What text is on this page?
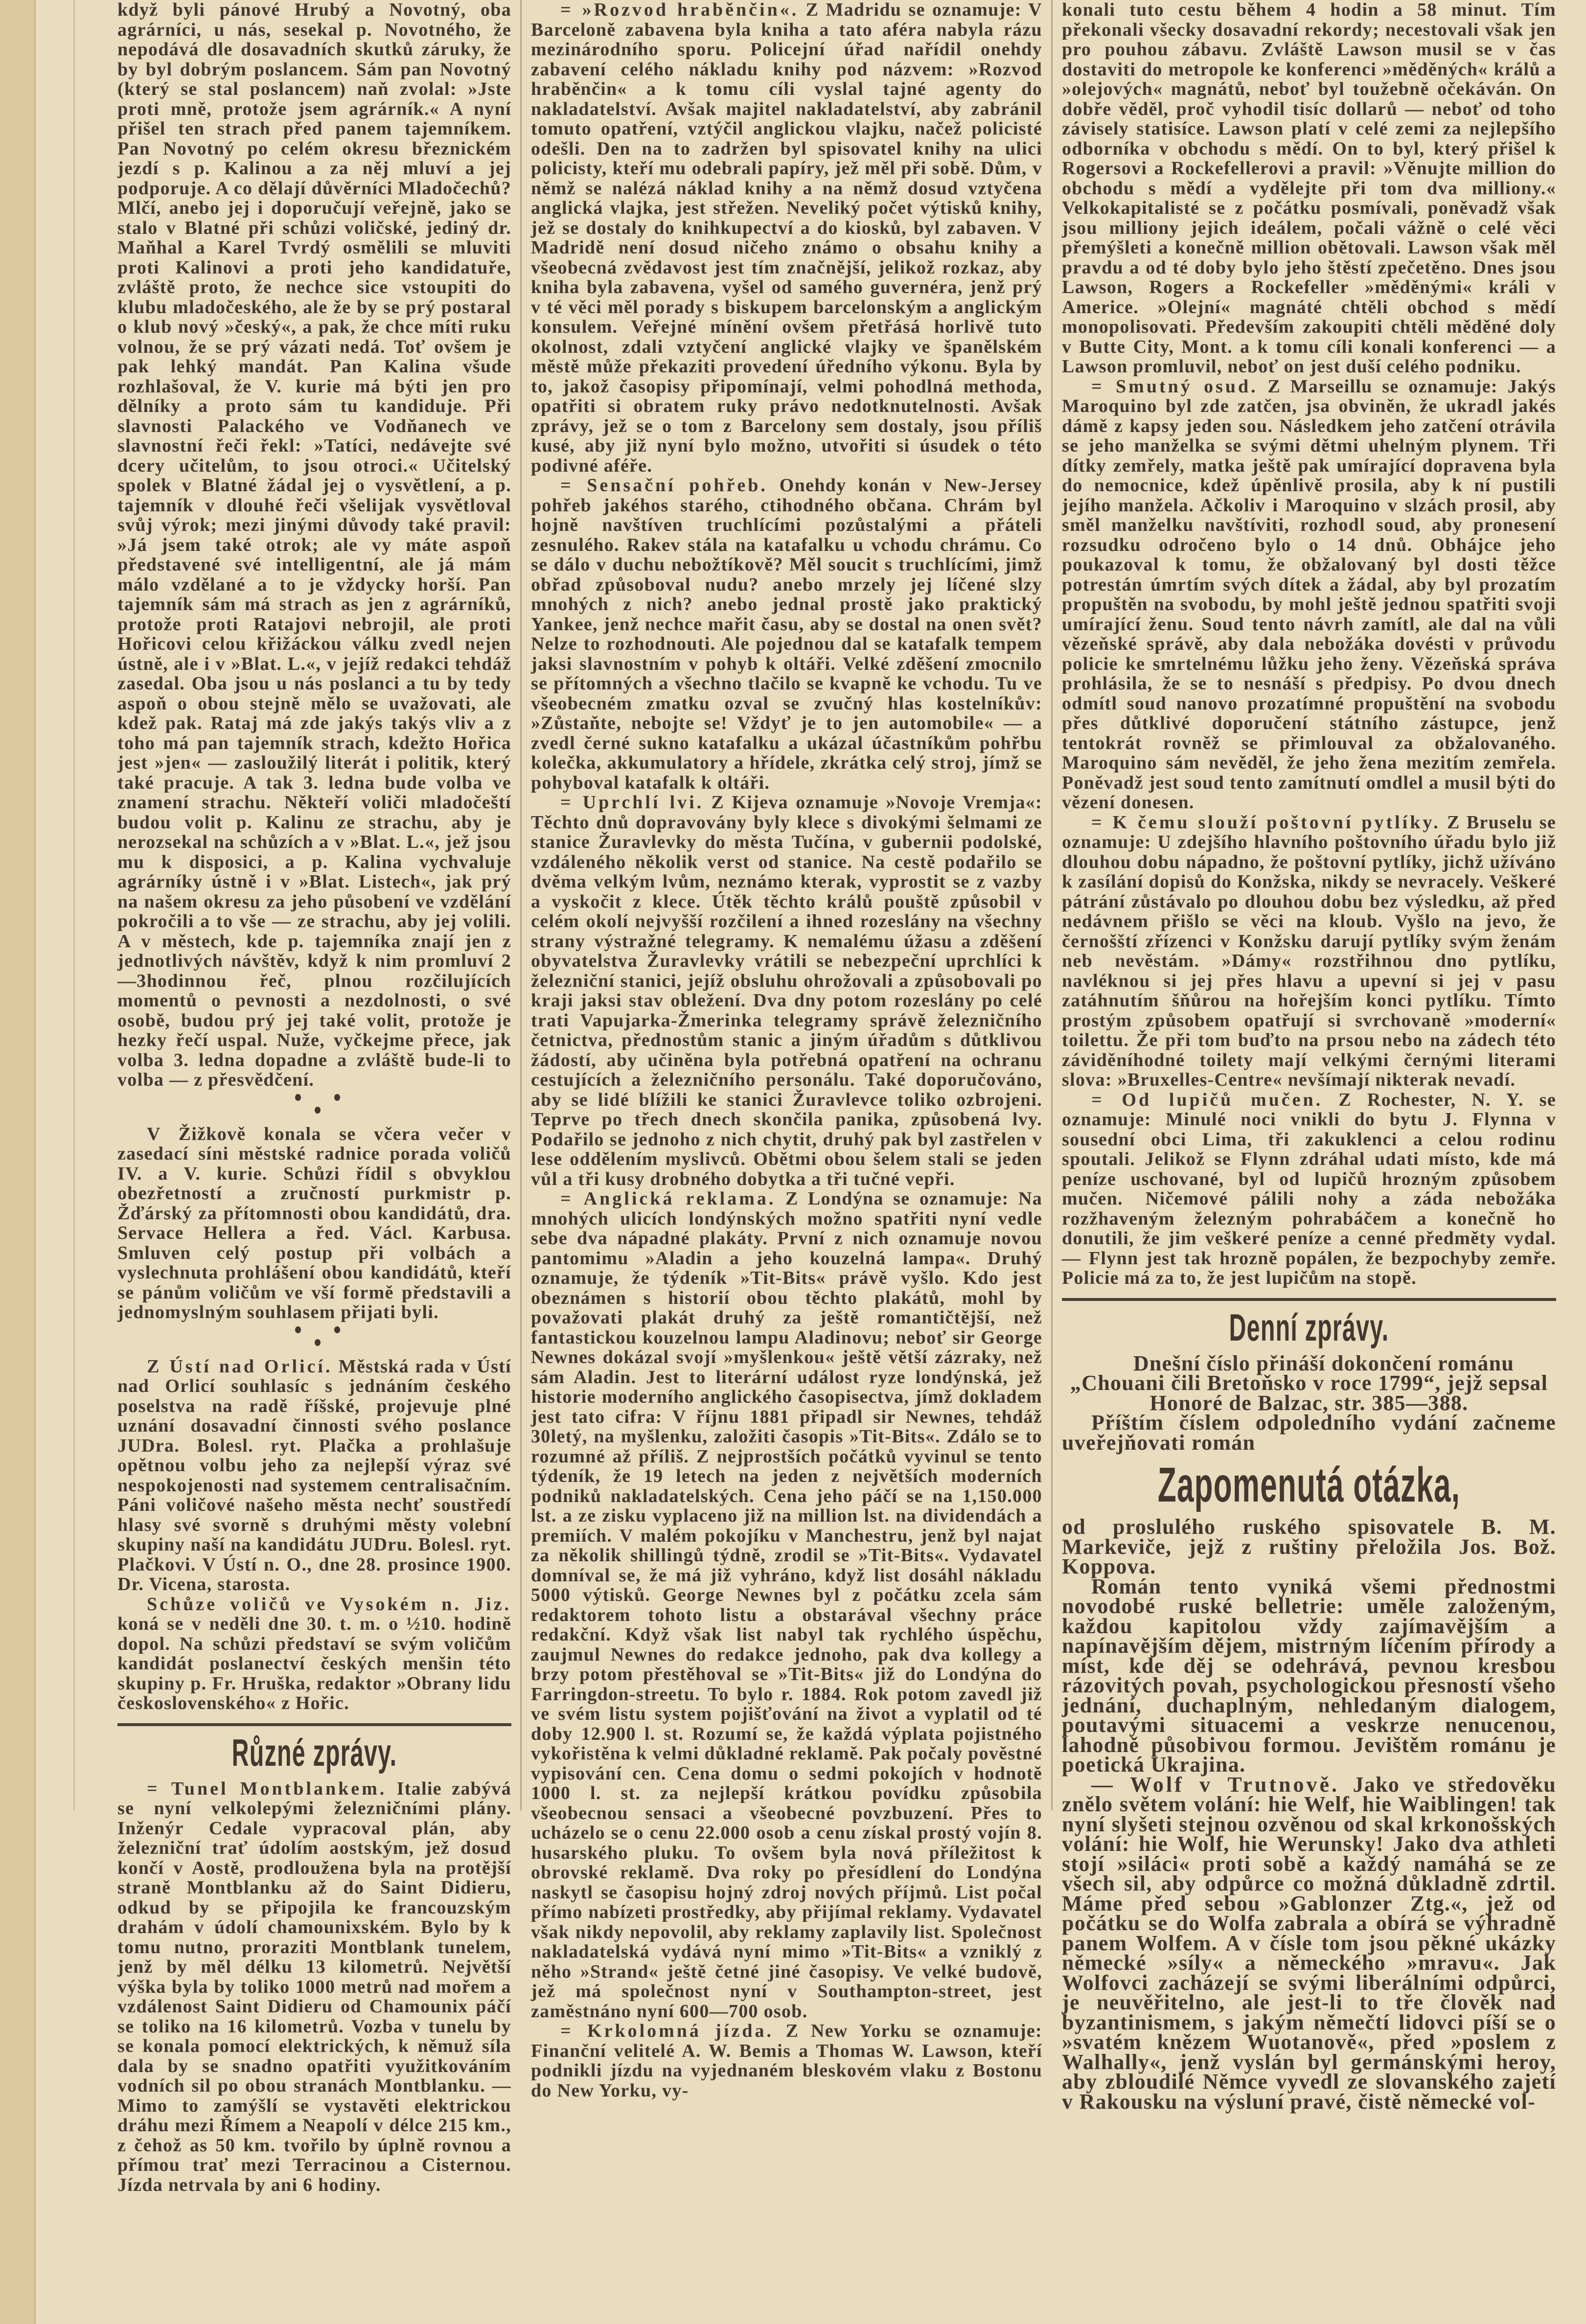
když byli pánové Hrubý a Novotný, oba agrárníci, u nás, sesekal p. Novotného, že nepodává dle dosavadních skutků záruky, že by byl dobrým poslancem. Sám pan Novotný (který se stal poslancem) naň zvolal: »Jste proti mně, protože jsem agrárník.« A nyní přišel ten strach před panem tajemníkem. Pan Novotný po celém okresu březnickém jezdí s p. Kalinou a za něj mluví a jej podporuje. A co dělají důvěrníci Mladočechů? Mlčí, anebo jej i doporučují veřejně, jako se stalo v Blatné při schůzi voličské, jediný dr. Maňhal a Karel Tvrdý osmělili se mluviti proti Kalinovi a proti jeho kandidatuře, zvláště proto, že nechce sice vstoupiti do klubu mladočeského, ale že by se prý postaral o klub nový »český«, a pak, že chce míti ruku volnou, že se prý vázati nedá. Toť ovšem je pak lehký mandát. Pan Kalina všude rozhlašoval, že V. kurie má býti jen pro dělníky a proto sám tu kandiduje. Při slavnosti Palackého ve Vodňanech ve slavnostní řeči řekl: »Tatíci, nedávejte své dcery učitelům, to jsou otroci.« Učitelský spolek v Blatné žádal jej o vysvětlení, a p. tajemník v dlouhé řeči všelijak vysvětloval svůj výrok; mezi jinými důvody také pravil: »Já jsem také otrok; ale vy máte aspoň představené své intelligentní, ale já mám málo vzdělané a to je vždycky horší. Pan tajemník sám má strach as jen z agrárníků, protože proti Ratajovi nebrojil, ale proti Hořicovi celou křižáckou válku zvedl nejen ústně, ale i v »Blat. L.«, v jejíž redakci tehdáž zasedal. Oba jsou u nás poslanci a tu by tedy aspoň o obou stejně mělo se uvažovati, ale kdež pak. Rataj má zde jakýs takýs vliv a z toho má pan tajemník strach, kdežto Hořica jest »jen« — zasloužilý literát i politik, který také pracuje. A tak 3. ledna bude volba ve znamení strachu. Někteří voliči mladočeští budou volit p. Kalinu ze strachu, aby je nerozsekal na schůzích a v »Blat. L.«, jež jsou mu k disposici, a p. Kalina vychvaluje agrárníky ústně i v »Blat. Listech«, jak prý na našem okresu za jeho působení ve vzdělání pokročili a to vše — ze strachu, aby jej volili. A v městech, kde p. tajemníka znají jen z jednotlivých návštěv, když k nim promluví 2—3hodinnou řeč, plnou rozčilujících momentů o pevnosti a nezdolnosti, o své osobě, budou prý jej také volit, protože je hezky řečí uspal. Nuže, vyčkejme přece, jak volba 3. ledna dopadne a zvláště bude-li to volba — z přesvědčení.

V Žižkově konala se včera večer v zasedací síni městské radnice porada voličů IV. a V. kurie. Schůzi řídil s obvyklou obezřetností a zručností purkmistr p. Žďárský za přítomnosti obou kandidátů, dra. Servace Hellera a řed. Václ. Karbusa. Smluven celý postup při volbách a vyslechnuta prohlášení obou kandidátů, kteří se pánům voličům ve vší formě představili a jednomyslným souhlasem přijati byli.

Z Ústí nad Orlicí. Městská rada v Ústí nad Orlicí souhlasíc s jednáním českého poselstva na radě říšské, projevuje plné uznání dosavadní činnosti svého poslance JUDra. Bolesl. ryt. Plačka a prohlašuje opětnou volbu jeho za nejlepší výraz své nespokojenosti nad systemem centralisačním. Páni voličové našeho města nechť soustředí hlasy své svorně s druhými městy volební skupiny naší na kandidátu JUDru. Bolesl. ryt. Plačkovi. V Ústí n. O., dne 28. prosince 1900. Dr. Vicena, starosta.

Schůze voličů ve Vysokém n. Jiz. koná se v neděli dne 30. t. m. o ½10. hodině dopol. Na schůzi představí se svým voličům kandidát poslanectví českých menšin této skupiny p. Fr. Hruška, redaktor »Obrany lidu československého« z Hořic.

Různé zprávy.

= Tunel Montblankem. Italie zabývá se nyní velkolepými železničními plány. Inženýr Cedale vypracoval plán, aby železniční trať údolím aostským, jež dosud končí v Aostě, prodloužena byla na protější straně Montblanku až do Saint Didieru, odkud by se připojila ke francouzským drahám v údolí chamounixském. Bylo by k tomu nutno, proraziti Montblank tunelem, jenž by měl délku 13 kilometrů. Největší výška byla by toliko 1000 metrů nad mořem a vzdálenost Saint Didieru od Chamounix páčí se toliko na 16 kilometrů. Vozba v tunelu by se konala pomocí elektrických, k němuž síla dala by se snadno opatřiti využitkováním vodních sil po obou stranách Montblanku. — Mimo to zamýšlí se vystavěti elektrickou dráhu mezi Římem a Neapolí v délce 215 km., z čehož as 50 km. tvořilo by úplně rovnou a přímou trať mezi Terracinou a Cisternou. Jízda netrvala by ani 6 hodiny.

= »Rozvod hraběnčin«. Z Madridu se oznamuje: V Barceloně zabavena byla kniha a tato aféra nabyla rázu mezinárodního sporu. Policejní úřad nařídil onehdy zabavení celého nákladu knihy pod názvem: »Rozvod hraběnčin« a k tomu cíli vyslal tajné agenty do nakladatelství. Avšak majitel nakladatelství, aby zabránil tomuto opatření, vztýčil anglickou vlajku, načež policisté odešli. Den na to zadržen byl spisovatel knihy na ulici policisty, kteří mu odebrali papíry, jež měl při sobě. Dům, v němž se nalézá náklad knihy a na němž dosud vztyčena anglická vlajka, jest střežen. Neveliký počet výtisků knihy, jež se dostaly do knihkupectví a do kiosků, byl zabaven. V Madridě není dosud ničeho známo o obsahu knihy a všeobecná zvědavost jest tím značnější, jelikož rozkaz, aby kniha byla zabavena, vyšel od samého guvernéra, jenž prý v té věci měl porady s biskupem barcelonským a anglickým konsulem. Veřejné mínění ovšem přetřásá horlivě tuto okolnost, zdali vztyčení anglické vlajky ve španělském městě může překaziti provedení úředního výkonu. Byla by to, jakož časopisy připomínají, velmi pohodlná methoda, opatřiti si obratem ruky právo nedotknutelnosti. Avšak zprávy, jež se o tom z Barcelony sem dostaly, jsou příliš kusé, aby již nyní bylo možno, utvořiti si úsudek o této podivné aféře.

= Sensační pohřeb. Onehdy konán v New-Jersey pohřeb jakéhos starého, ctihodného občana. Chrám byl hojně navštíven truchlícími pozůstalými a přáteli zesnulého. Rakev stála na katafalku u vchodu chrámu. Co se dálo v duchu nebožtíkově? Měl soucit s truchlícími, jimž obřad způsoboval nudu? anebo mrzely jej líčené slzy mnohých z nich? anebo jednal prostě jako praktický Yankee, jenž nechce mařit času, aby se dostal na onen svět? Nelze to rozhodnouti. Ale pojednou dal se katafalk tempem jaksi slavnostním v pohyb k oltáři. Velké zděšení zmocnilo se přítomných a všechno tlačilo se kvapně ke vchodu. Tu ve všeobecném zmatku ozval se zvučný hlas kostelníkův: »Zůstaňte, nebojte se! Vždyť je to jen automobile« — a zvedl černé sukno katafalku a ukázal účastníkům pohřbu kolečka, akkumulatory a hřídele, zkrátka celý stroj, jímž se pohyboval katafalk k oltáři.

= Uprchlí lvi. Z Kijeva oznamuje »Novoje Vremja«: Těchto dnů dopravovány byly klece s divokými šelmami ze stanice Žuravlevky do města Tučína, v gubernii podolské, vzdáleného několik verst od stanice. Na cestě podařilo se dvěma velkým lvům, neznámo kterak, vyprostit se z vazby a vyskočit z klece. Útěk těchto králů pouště způsobil v celém okolí nejvyšší rozčilení a ihned rozeslány na všechny strany výstražné telegramy. K nemalému úžasu a zděšení obyvatelstva Žuravlevky vrátili se nebezpeční uprchlíci k železniční stanici, jejíž obsluhu ohrožovali a způsobovali po kraji jaksi stav obležení. Dva dny potom rozeslány po celé trati Vapujarka-Žmerinka telegramy správě železničního četnictva, přednostům stanic a jiným úřadům s důtklivou žádostí, aby učiněna byla potřebná opatření na ochranu cestujících a železničního personálu. Také doporučováno, aby se lidé blížili ke stanici Žuravlevce toliko ozbrojeni. Teprve po třech dnech skončila panika, způsobená lvy. Podařilo se jednoho z nich chytit, druhý pak byl zastřelen v lese oddělením myslivců. Obětmi obou šelem stali se jeden vůl a tři kusy drobného dobytka a tři tučné vepři.

= Anglická reklama. Z Londýna se oznamuje: Na mnohých ulicích londýnských možno spatřiti nyní vedle sebe dva nápadné plakáty. První z nich oznamuje novou pantomimu »Aladin a jeho kouzelná lampa«. Druhý oznamuje, že týdeník »Tit-Bits« právě vyšlo. Kdo jest obeznámen s historií obou těchto plakátů, mohl by považovati plakát druhý za ještě romantičtější, než fantastickou kouzelnou lampu Aladinovu; neboť sir George Newnes dokázal svojí »myšlenkou« ještě větší zázraky, než sám Aladin. Jest to literární událost ryze londýnská, jež historie moderního anglického časopisectva, jímž dokladem jest tato cifra: V říjnu 1881 připadl sir Newnes, tehdáž 30letý, na myšlenku, založiti časopis »Tit-Bits«. Zdálo se to rozumné až příliš. Z nejprostších počátků vyvinul se tento týdeník, že 19 letech na jeden z největších moderních podniků nakladatelských. Cena jeho páčí se na 1,150.000 lst. a ze zisku vyplaceno již na million lst. na dividendách a premiích. V malém pokojíku v Manchestru, jenž byl najat za několik shillingů týdně, zrodil se »Tit-Bits«. Vydavatel domníval se, že má již vyhráno, když list dosáhl nákladu 5000 výtisků. George Newnes byl z počátku zcela sám redaktorem tohoto listu a obstarával všechny práce redakční. Když však list nabyl tak rychlého úspěchu, zaujmul Newnes do redakce jednoho, pak dva kollegy a brzy potom přestěhoval se »Tit-Bits« již do Londýna do Farringdon-streetu. To bylo r. 1884. Rok potom zavedl již ve svém listu system pojišťování na život a vyplatil od té doby 12.900 l. st. Rozumí se, že každá výplata pojistného vykořistěna k velmi důkladné reklamě. Pak počaly pověstné vypisování cen. Cena domu o sedmi pokojích v hodnotě 1000 l. st. za nejlepší krátkou povídku způsobila všeobecnou sensaci a všeobecné povzbuzení. Přes to ucházelo se o cenu 22.000 osob a cenu získal prostý vojín 8. husarského pluku. To ovšem byla nová příležitost k obrovské reklamě. Dva roky po přesídlení do Londýna naskytl se časopisu hojný zdroj nových příjmů. List počal přímo nabízeti prostředky, aby přijímal reklamy. Vydavatel však nikdy nepovolil, aby reklamy zaplavily list. Společnost nakladatelská vydává nyní mimo »Tit-Bits« a vzniklý z něho »Strand« ještě četné jiné časopisy. Ve velké budově, jež má společnost nyní v Southampton-street, jest zaměstnáno nyní 600—700 osob.

= Krkolomná jízda. Z New Yorku se oznamuje: Finanční velitelé A. W. Bemis a Thomas W. Lawson, kteří podnikli jízdu na vyjednaném bleskovém vlaku z Bostonu do New Yorku, vy-

konali tuto cestu během 4 hodin a 58 minut. Tím překonali všecky dosavadní rekordy; necestovali však jen pro pouhou zábavu. Zvláště Lawson musil se v čas dostaviti do metropole ke konferenci »měděných« králů a »olejových« magnátů, neboť byl toužebně očekáván. On dobře věděl, proč vyhodil tisíc dollarů — neboť od toho závisely statisíce. Lawson platí v celé zemi za nejlepšího odborníka v obchodu s mědí. On to byl, který přišel k Rogersovi a Rockefellerovi a pravil: »Věnujte million do obchodu s mědí a vydělejte při tom dva milliony.« Velkokapitalisté se z počátku posmívali, poněvadž však jsou milliony jejich ideálem, počali vážně o celé věci přemýšleti a konečně million obětovali. Lawson však měl pravdu a od té doby bylo jeho štěstí zpečetěno. Dnes jsou Lawson, Rogers a Rockefeller »měděnými« králi v Americe. »Olejní« magnáté chtěli obchod s mědí monopolisovati. Především zakoupiti chtěli měděné doly v Butte City, Mont. a k tomu cíli konali konferenci — a Lawson promluvil, neboť on jest duší celého podniku.

= Smutný osud. Z Marseillu se oznamuje: Jakýs Maroquino byl zde zatčen, jsa obviněn, že ukradl jakés dámě z kapsy jeden sou. Následkem jeho zatčení otrávila se jeho manželka se svými dětmi uhelným plynem. Tři dítky zemřely, matka ještě pak umírající dopravena byla do nemocnice, kdež úpěnlivě prosila, aby k ní pustili jejího manžela. Ačkoliv i Maroquino v slzách prosil, aby směl manželku navštíviti, rozhodl soud, aby pronesení rozsudku odročeno bylo o 14 dnů. Obhájce jeho poukazoval k tomu, že obžalovaný byl dosti těžce potrestán úmrtím svých dítek a žádal, aby byl prozatím propuštěn na svobodu, by mohl ještě jednou spatřiti svoji umírající ženu. Soud tento návrh zamítl, ale dal na vůli vězeňské správě, aby dala nebožáka dovésti v průvodu policie ke smrtelnému lůžku jeho ženy. Vězeňská správa prohlásila, že se to nesnáší s předpisy. Po dvou dnech odmítl soud nanovo prozatímné propuštění na svobodu přes důtklivé doporučení státního zástupce, jenž tentokrát rovněž se přimlouval za obžalovaného. Maroquino sám nevěděl, že jeho žena mezitím zemřela. Poněvadž jest soud tento zamítnutí omdlel a musil býti do vězení donesen.

= K čemu slouží poštovní pytlíky. Z Bruselu se oznamuje: U zdejšího hlavního poštovního úřadu bylo již dlouhou dobu nápadno, že poštovní pytlíky, jichž užíváno k zasílání dopisů do Konžska, nikdy se nevracely. Veškeré pátrání zůstávalo po dlouhou dobu bez výsledku, až před nedávnem přišlo se věci na kloub. Vyšlo na jevo, že černošští zřízenci v Konžsku darují pytlíky svým ženám neb nevěstám. »Dámy« rozstřihnou dno pytlíku, navléknou si jej přes hlavu a upevní si jej v pasu zatáhnutím šňůrou na hořejším konci pytlíku. Tímto prostým způsobem opatřují si svrchovaně »moderní« toilettu. Že při tom buďto na prsou nebo na zádech této záviděníhodné toilety mají velkými černými literami slova: »Bruxelles-Centre« nevšímají nikterak nevadí.

= Od lupičů mučen. Z Rochester, N. Y. se oznamuje: Minulé noci vnikli do bytu J. Flynna v sousední obci Lima, tři zakuklenci a celou rodinu spoutali. Jelikož se Flynn zdráhal udati místo, kde má peníze uschované, byl od lupičů hrozným způsobem mučen. Ničemové pálili nohy a záda nebožáka rozžhaveným železným pohrabáčem a konečně ho donutili, že jim veškeré peníze a cenné předměty vydal. — Flynn jest tak hrozně popálen, že bezpochyby zemře. Policie má za to, že jest lupičům na stopě.

Denní zprávy.

Dnešní číslo přináší dokončení románu „Chouani čili Bretoňsko v roce 1799“, jejž sepsal Honoré de Balzac, str. 385—388.

Příštím číslem odpoledního vydání začneme uveřejňovati román

Zapomenutá otázka,

od proslulého ruského spisovatele B. M. Markeviče, jejž z ruštiny přeložila Jos. Bož. Koppova.

Román tento vyniká všemi přednostmi novodobé ruské belletrie: uměle založeným, každou kapitolou vždy zajímavějším a napínavějším dějem, mistrným líčením přírody a míst, kde děj se odehrává, pevnou kresbou rázovitých povah, psychologickou přesností všeho jednání, duchaplným, nehledaným dialogem, poutavými situacemi a veskrze nenucenou, lahodně působivou formou. Jevištěm románu je poetická Ukrajina.

— Wolf v Trutnově. Jako ve středověku znělo světem volání: hie Welf, hie Waiblingen! tak nyní slyšeti stejnou ozvěnou od skal krkonošských volání: hie Wolf, hie Werunsky! Jako dva athleti stojí »siláci« proti sobě a každý namáhá se ze všech sil, aby odpůrce co možná důkladně zdrtil. Máme před sebou »Gablonzer Ztg.«, jež od počátku se do Wolfa zabrala a obírá se výhradně panem Wolfem. A v čísle tom jsou pěkné ukázky německé »síly« a německého »mravu«. Jak Wolfovci zacházejí se svými liberálními odpůrci, je neuvěřitelno, ale jest-li to tře člověk nad byzantinismem, s jakým němečtí lidovci píší se o »svatém knězem Wuotanově«, před »poslem z Walhally«, jenž vyslán byl germánskými heroy, aby zbloudilé Němce vyvedl ze slovanského zajetí v Rakousku na výsluní pravé, čistě německé vol-
